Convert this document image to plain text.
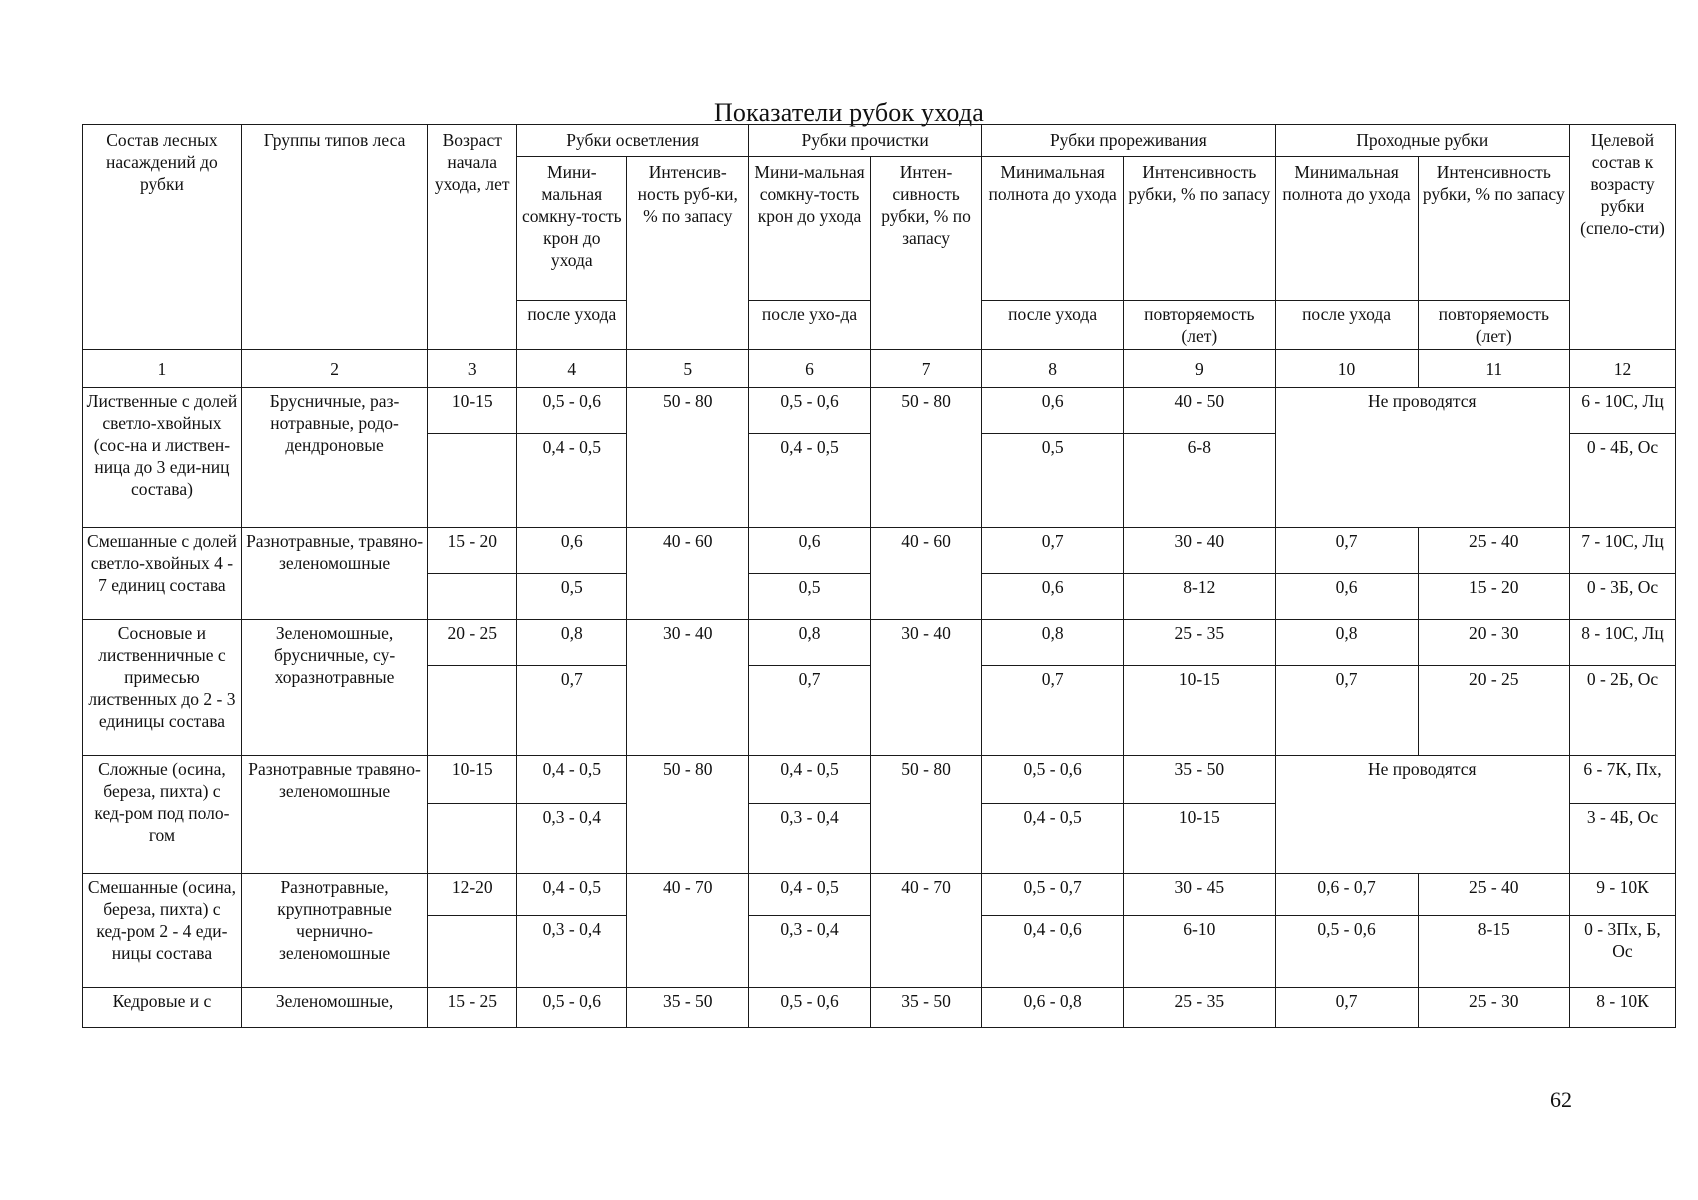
Показатели рубок ухода
Состав лесных насаждений до рубки	Группы типов леса	Возраст начала ухода, лет	Рубки осветления		Рубки прочистки		Рубки прореживания		Проходные рубки		Целевой состав к возрасту рубки (спело-сти)
			Мини-мальная сомкну-тость крон до ухода	Интенсив-ность руб-ки, % по запасу	Мини-мальная сомкну-тость крон до ухода	Интен-сивность рубки, % по запасу	Минимальная полнота до ухода	Интенсивность рубки, % по запасу	Минимальная полнота до ухода	Интенсивность рубки, % по запасу	
			после ухода		после ухо-да		после ухода	повторяемость (лет)	после ухода	повторяемость (лет)	
1	2	3	4	5	6	7	8	9	10	11	12
Лиственные с долей светло-хвойных (сос-на и листвен-ница до 3 еди-ниц состава)	Брусничные, раз-нотравные, родо-дендроновые	10-15	0,5 - 0,6	50 - 80	0,5 - 0,6	50 - 80	0,6	40 - 50	Не проводятся		6 - 10С, Лц
			0,4 - 0,5		0,4 - 0,5		0,5	6-8			0 - 4Б, Ос
Смешанные с долей светло-хвойных 4 - 7 единиц состава	Разнотравные, травяно-зеленомошные	15 - 20	0,6	40 - 60	0,6	40 - 60	0,7	30 - 40	0,7	25 - 40	7 - 10С, Лц
			0,5		0,5		0,6	8-12	0,6	15 - 20	0 - 3Б, Ос
Сосновые и лиственничные с примесью лиственных до 2 - 3 единицы состава	Зеленомошные, брусничные, су-хоразнотравные	20 - 25	0,8	30 - 40	0,8	30 - 40	0,8	25 - 35	0,8	20 - 30	8 - 10С, Лц
			0,7		0,7		0,7	10-15	0,7	20 - 25	0 - 2Б, Ос
Сложные (осина, береза, пихта) с кед-ром под поло-гом	Разнотравные травяно-зеленомошные	10-15	0,4 - 0,5	50 - 80	0,4 - 0,5	50 - 80	0,5 - 0,6	35 - 50	Не проводятся		6 - 7К, Пх,
			0,3 - 0,4		0,3 - 0,4		0,4 - 0,5	10-15			3 - 4Б, Ос
Смешанные (осина, береза, пихта) с кед-ром 2 - 4 еди-ницы состава	Разнотравные, крупнотравные чернично-зеленомошные	12-20	0,4 - 0,5	40 - 70	0,4 - 0,5	40 - 70	0,5 - 0,7	30 - 45	0,6 - 0,7	25 - 40	9 - 10К
			0,3 - 0,4		0,3 - 0,4		0,4 - 0,6	6-10	0,5 - 0,6	8-15	0 - 3Пх, Б, Ос
Кедровые и с	Зеленомошные,	15 - 25	0,5 - 0,6	35 - 50	0,5 - 0,6	35 - 50	0,6 - 0,8	25 - 35	0,7	25 - 30	8 - 10К
62
